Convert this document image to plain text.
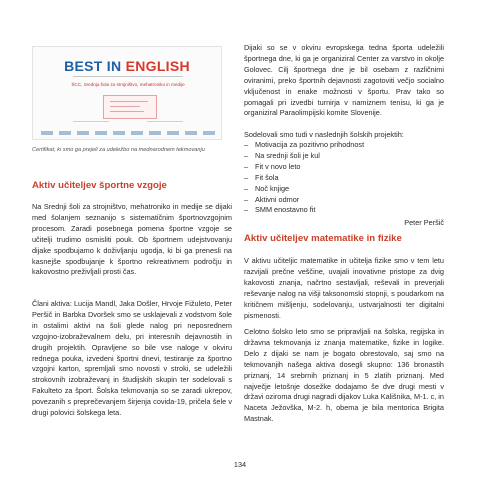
BEST IN ENGLISH
ŠCC, Srednja šola za strojništvo, mehatroniko in medije

Certifikat, ki smo ga prejeli za udeležbo na mednarodnem tekmovanju

Aktiv učiteljev športne vzgoje

Na Srednji šoli za strojništvo, mehatroniko in medije se dijaki med šolanjem seznanijo s sistematičnim športnovzgojnim procesom. Zaradi posebnega pomena športne vzgoje se učitelji trudimo osmisliti pouk. Ob športnem udejstvovanju dijake spodbujamo k doživljanju ugodja, ki bi ga prenesli na kasnejše spodbujanje k športno rekreativnem področju in kakovostno preživljali prosti čas.

Člani aktiva: Lucija Mandl, Jaka Došler, Hrvoje Fižuleto, Peter Peršič in Barbka Dvoršek smo se usklajevali z vodstvom šole in ostalimi aktivi na šoli glede nalog pri neposrednem vzgojno-izobraževalnem delu, pri interesnih dejavnostih in drugih projektih. Opravljene so bile vse naloge v okviru rednega pouka, izvedeni športni dnevi, testiranje za športno vzgojni karton, spremljali smo novosti v stroki, se udeležili strokovnih izobraževanj in študijskih skupin ter sodelovali s Fakulteto za šport. Šolska tekmovanja so se zaradi ukrepov, povezanih s preprečevanjem širjenja covida-19, pričela šele v drugi polovici šolskega leta.

Dijaki so se v okviru evropskega tedna športa udeležili športnega dne, ki ga je organiziral Center za varstvo in okolje Golovec. Cilj športnega dne je bil osebam z različnimi oviranimi, preko športnih dejavnosti zagotoviti večjo socialno vključenost in enake možnosti v športu. Prav tako so pomagali pri izvedbi turnirja v namiznem tenisu, ki ga je organiziral Paraolimpijski komite Slovenije.

Sodelovali smo tudi v naslednjih šolskih projektih:

– Motivacija za pozitivno prihodnost
– Na srednji šoli je kul
– Fit v novo leto
– Fit šola
– Noč knjige
– Aktivni odmor
– SMM enostavno fit

Peter Peršič

Aktiv učiteljev matematike in fizike

V aktivu učiteljic matematike in učitelja fizike smo v tem letu razvijali prečne veščine, uvajali inovativne pristope za dvig kakovosti znanja, načrtno sestavljali, reševali in preverjali reševanje nalog na višji taksonomski stopnji, s poudarkom na kritičnem mišljenju, sodelovanju, ustvarjalnosti ter digitalni pismenosti.

Celotno šolsko leto smo se pripravljali na šolska, regijska in državna tekmovanja iz znanja matematike, fizike in logike. Delo z dijaki se nam je bogato obrestovalo, saj smo na tekmovanjih našega aktiva dosegli skupno: 136 bronastih priznanj, 14 srebrnih priznanj in 5 zlatih priznanj. Med največje letošnje dosežke dodajamo še dve drugi mesti v državi oziroma drugi nagradi dijakov Luka Kališnika, M-1. c, in Naceta Ježovška, M-2. h, obema je bila mentorica Brigita Mastnak.

134
